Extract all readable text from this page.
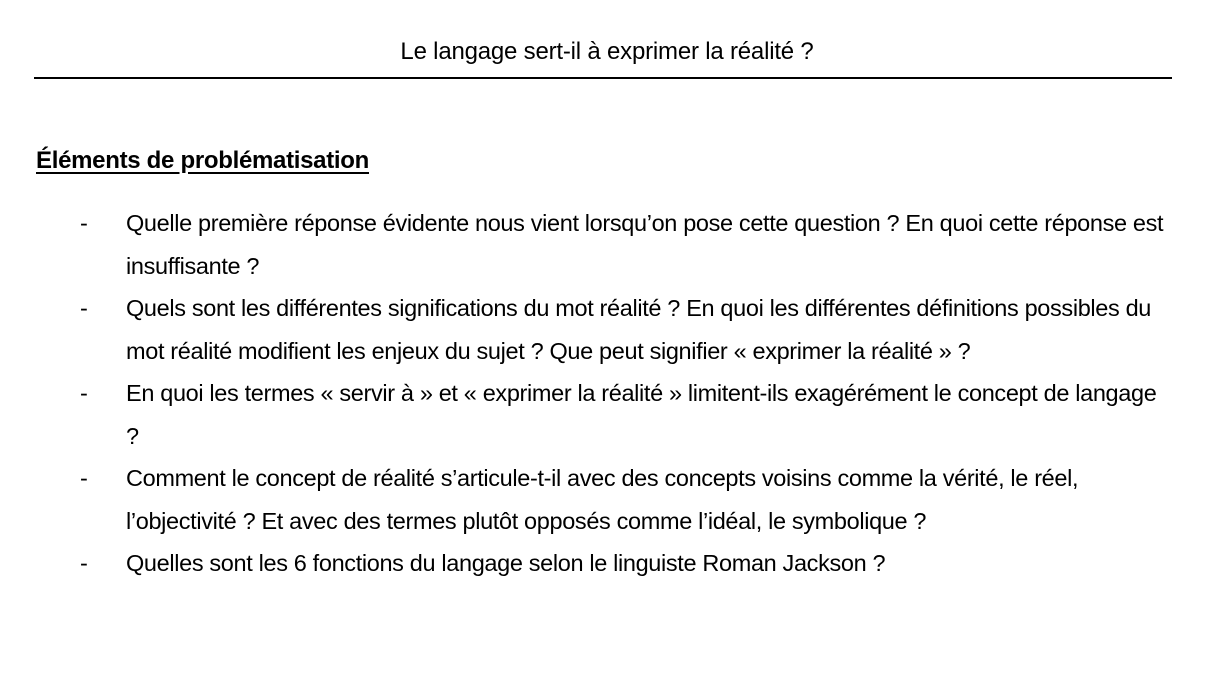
Le langage sert-il à exprimer la réalité ?
Éléments de problématisation
- Quelle première réponse évidente nous vient lorsqu’on pose cette question ? En quoi cette réponse est insuffisante ?
- Quels sont les différentes significations du mot réalité ? En quoi les différentes définitions possibles du mot réalité modifient les enjeux du sujet ? Que peut signifier « exprimer la réalité » ?
- En quoi les termes « servir à » et « exprimer la réalité » limitent-ils exagérément le concept de langage ?
- Comment le concept de réalité s’articule-t-il avec des concepts voisins comme la vérité, le réel, l’objectivité ? Et avec des termes plutôt opposés comme l’idéal, le symbolique ?
- Quelles sont les 6 fonctions du langage selon le linguiste Roman Jackson ?
